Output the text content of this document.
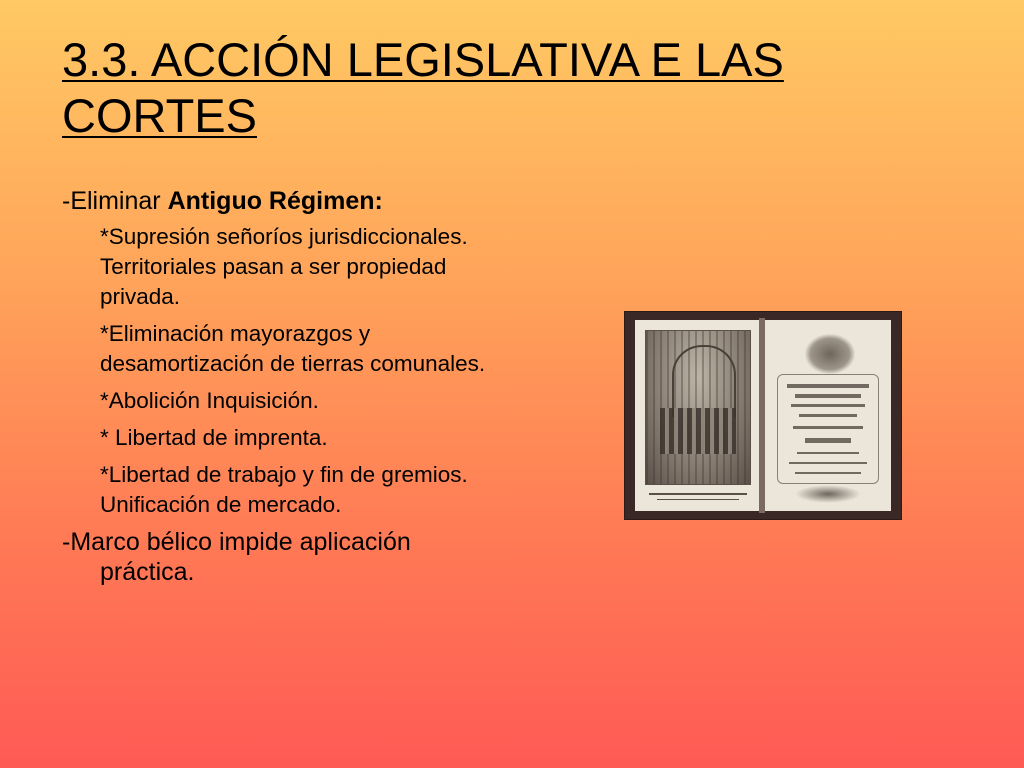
3.3. ACCIÓN LEGISLATIVA E LAS
CORTES

-Eliminar Antiguo Régimen:

*Supresión señoríos jurisdiccionales. Territoriales pasan a ser propiedad privada.

*Eliminación mayorazgos y desamortización de tierras comunales.

*Abolición Inquisición.

* Libertad de imprenta.

*Libertad de trabajo y fin de gremios. Unificación de mercado.

-Marco bélico impide aplicación práctica.
